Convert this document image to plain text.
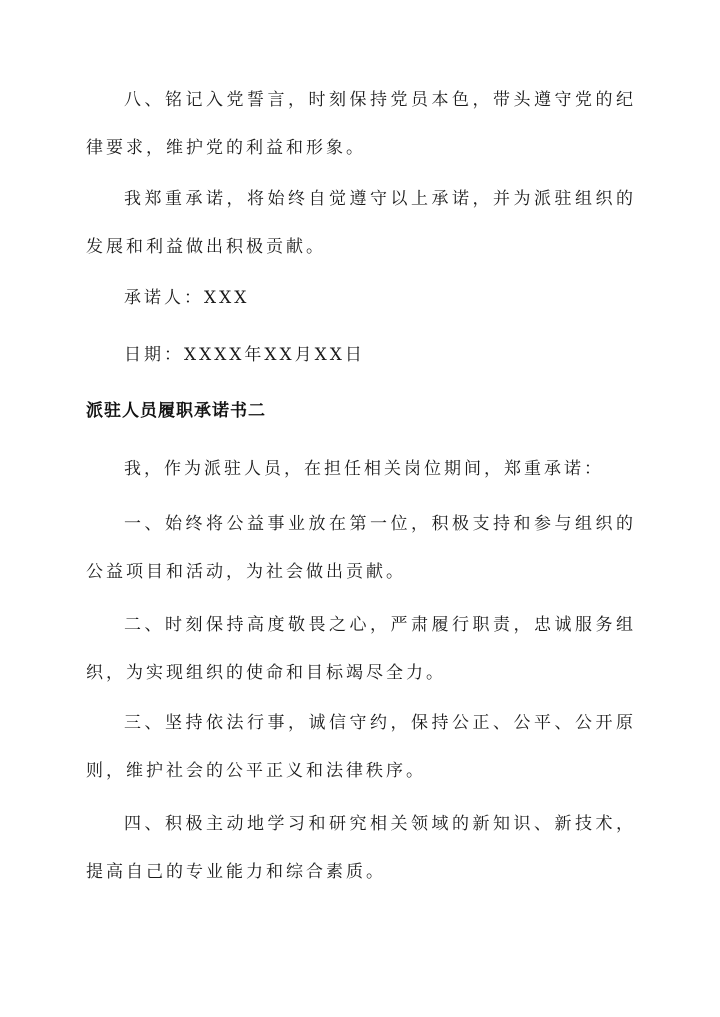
八、铭记入党誓言，时刻保持党员本色，带头遵守党的纪律要求，维护党的利益和形象。

我郑重承诺，将始终自觉遵守以上承诺，并为派驻组织的发展和利益做出积极贡献。

承诺人：XXX

日期：XXXX年XX月XX日

派驻人员履职承诺书二

我，作为派驻人员，在担任相关岗位期间，郑重承诺：

一、始终将公益事业放在第一位，积极支持和参与组织的公益项目和活动，为社会做出贡献。

二、时刻保持高度敬畏之心，严肃履行职责，忠诚服务组织，为实现组织的使命和目标竭尽全力。

三、坚持依法行事，诚信守约，保持公正、公平、公开原则，维护社会的公平正义和法律秩序。

四、积极主动地学习和研究相关领域的新知识、新技术，提高自己的专业能力和综合素质。
